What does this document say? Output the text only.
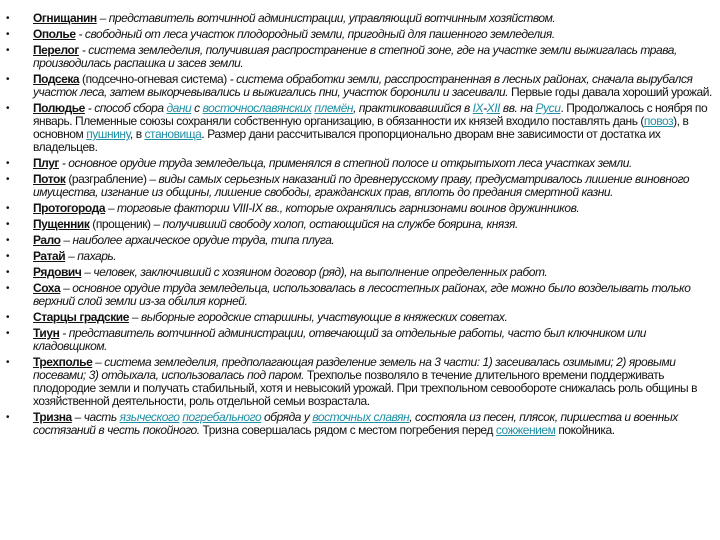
• Огнищанин – представитель вотчинной администрации, управляющий вотчинным хозяйством.
• Ополье - свободный от леса участок плодородный земли, пригодный для пашенного земледелия.
• Перелог - система земледелия, получившая распространение в степной зоне, где на участке земли выжигалась трава, производилась распашка и засев земли.
• Подсека (подсечно-огневая система) - система обработки земли, расспространенная в лесных районах, сначала вырубался участок леса, затем выкорчевывались и выжигались пни, участок боронили и засеивали. Первые годы давала хороший урожай.
• Полюдье - способ сбора дани с восточнославянских племён, практиковавшийся в IX-XII вв. на Руси. Продолжалось с ноября по январь. Племенные союзы сохраняли собственную организацию, в обязанности их князей входило поставлять дань (повоз), в основном пушнину, в становища. Размер дани рассчитывался пропорционально дворам вне зависимости от достатка их владельцев.
• Плуг - основное орудие труда земледельца, применялся в степной полосе и открытыхот леса участках земли.
• Поток (разграбление) – виды самых серьезных наказаний по древнерусскому праву, предусматривалось лишение виновного имущества, изгнание из общины, лишение свободы, гражданских прав, вплоть до предания смертной казни.
• Протогорода – торговые фактории VIII-IX вв., которые охранялись гарнизонами воинов дружинников.
• Пущенник (прощеник) – получивший свободу холоп, остающийся на службе боярина, князя.
• Рало – наиболее архаическое орудие труда, типа плуга.
• Ратай – пахарь.
• Рядович – человек, заключивший с хозяином договор (ряд), на выполнение определенных работ.
• Соха – основное орудие труда земледельца, использовалась в лесостепных районах, где можно было возделывать только верхний слой земли из-за обилия корней.
• Старцы градские – выборные городские старшины, участвующие в княжеских советах.
• Тиун - представитель вотчинной администрации, отвечающий за отдельные работы, часто был ключником или кладовщиком.
• Трехполье – система земледелия, предполагающая разделение земель на 3 части: 1) засеивалась озимыми; 2) яровыми посевами; 3) отдыхала, использовалась под паром. Трехполье позволяло в течение длительного времени поддерживать плодородие земли и получать стабильный, хотя и невысокий урожай. При трехпольном севообороте снижалась роль общины в хозяйственной деятельности, роль отдельной семьи возрастала.
• Тризна – часть языческого погребального обряда у восточных славян, состояла из песен, плясок, пиршества и военных состязаний в честь покойного. Тризна совершалась рядом с местом погребения перед сожжением покойника.
